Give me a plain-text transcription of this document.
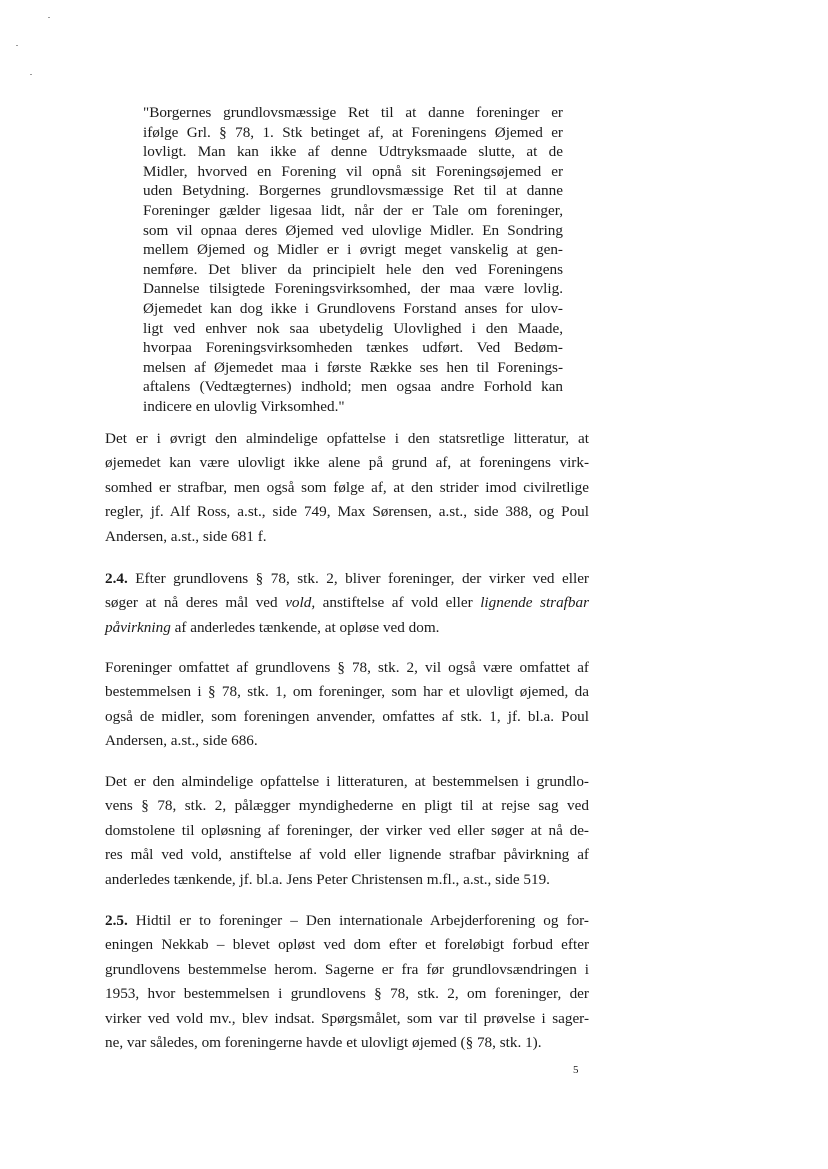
"Borgernes grundlovsmæssige Ret til at danne foreninger er
ifølge Grl. § 78, 1. Stk betinget af, at Foreningens Øjemed er
lovligt. Man kan ikke af denne Udtryksmaade slutte, at de
Midler, hvorved en Forening vil opnå sit Foreningsøjemed er
uden Betydning. Borgernes grundlovsmæssige Ret til at danne
Foreninger gælder ligesaa lidt, når der er Tale om foreninger,
som vil opnaa deres Øjemed ved ulovlige Midler. En Sondring
mellem Øjemed og Midler er i øvrigt meget vanskelig at gen-
nemføre. Det bliver da principielt hele den ved Foreningens
Dannelse tilsigtede Foreningsvirksomhed, der maa være lovlig.
Øjemedet kan dog ikke i Grundlovens Forstand anses for ulov-
ligt ved enhver nok saa ubetydelig Ulovlighed i den Maade,
hvorpaa Foreningsvirksomheden tænkes udført. Ved Bedøm-
melsen af Øjemedet maa i første Række ses hen til Forenings-
aftalens (Vedtægternes) indhold; men ogsaa andre Forhold kan
indicere en ulovlig Virksomhed."
Det er i øvrigt den almindelige opfattelse i den statsretlige litteratur, at
øjemedet kan være ulovligt ikke alene på grund af, at foreningens virk-
somhed er strafbar, men også som følge af, at den strider imod civilretlige
regler, jf. Alf Ross, a.st., side 749, Max Sørensen, a.st., side 388, og Poul
Andersen, a.st., side 681 f.
2.4. Efter grundlovens § 78, stk. 2, bliver foreninger, der virker ved eller
søger at nå deres mål ved vold, anstiftelse af vold eller lignende strafbar
påvirkning af anderledes tænkende, at opløse ved dom.
Foreninger omfattet af grundlovens § 78, stk. 2, vil også være omfattet af
bestemmelsen i § 78, stk. 1, om foreninger, som har et ulovligt øjemed, da
også de midler, som foreningen anvender, omfattes af stk. 1, jf. bl.a. Poul
Andersen, a.st., side 686.
Det er den almindelige opfattelse i litteraturen, at bestemmelsen i grundlo-
vens § 78, stk. 2, pålægger myndighederne en pligt til at rejse sag ved
domstolene til opløsning af foreninger, der virker ved eller søger at nå de-
res mål ved vold, anstiftelse af vold eller lignende strafbar påvirkning af
anderledes tænkende, jf. bl.a. Jens Peter Christensen m.fl., a.st., side 519.
2.5. Hidtil er to foreninger – Den internationale Arbejderforening og for-
eningen Nekkab – blevet opløst ved dom efter et foreløbigt forbud efter
grundlovens bestemmelse herom. Sagerne er fra før grundlovsændringen i
1953, hvor bestemmelsen i grundlovens § 78, stk. 2, om foreninger, der
virker ved vold mv., blev indsat. Spørgsmålet, som var til prøvelse i sager-
ne, var således, om foreningerne havde et ulovligt øjemed (§ 78, stk. 1).
5
